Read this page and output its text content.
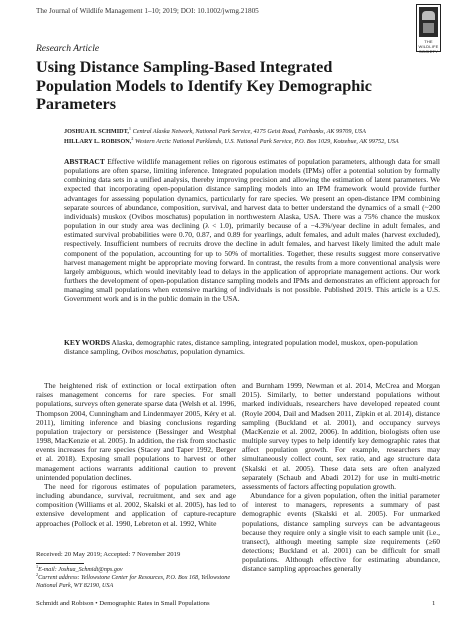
The Journal of Wildlife Management 1–10; 2019; DOI: 10.1002/jwmg.21805
THE WILDLIFE SOCIETY
Research Article
Using Distance Sampling-Based Integrated Population Models to Identify Key Demographic Parameters
JOSHUA H. SCHMIDT,$^1$ Central Alaska Network, National Park Service, 4175 Geist Road, Fairbanks, AK 99709, USA
HILLARY L. ROBISON,$^2$ Western Arctic National Parklands, U.S. National Park Service, P.O. Box 1029, Kotzebue, AK 99752, USA
ABSTRACT Effective wildlife management relies on rigorous estimates of population parameters, although data for small populations are often sparse, limiting inference. Integrated population models (IPMs) offer a potential solution by formally combining data sets in a unified analysis, thereby improving precision and allowing the estimation of latent parameters. We expected that incorporating open-population distance sampling models into an IPM framework would provide further advantages for assessing population dynamics, particularly for rare species. We present an open-distance IPM combining separate sources of abundance, composition, survival, and harvest data to better understand the dynamics of a small (~200 individuals) muskox (Ovibos moschatus) population in northwestern Alaska, USA. There was a 75% chance the muskox population in our study area was declining (λ < 1.0), primarily because of a −4.3%/year decline in adult females, and estimated survival probabilities were 0.70, 0.87, and 0.89 for yearlings, adult females, and adult males (harvest excluded), respectively. Insufficient numbers of recruits drove the decline in adult females, and harvest likely limited the adult male component of the population, accounting for up to 50% of mortalities. Together, these results suggest more conservative harvest management might be appropriate moving forward. In contrast, the results from a more conventional analysis were largely ambiguous, which would inevitably lead to delays in the application of appropriate management actions. Our work furthers the development of open-population distance sampling models and IPMs and demonstrates an efficient approach for managing small populations when extensive marking of individuals is not possible. Published 2019. This article is a U.S. Government work and is in the public domain in the USA.
KEY WORDS Alaska, demographic rates, distance sampling, integrated population model, muskox, open-population distance sampling, Ovibos moschatus, population dynamics.

The heightened risk of extinction or local extirpation often raises management concerns for rare species. For small populations, surveys often generate sparse data (Welsh et al. 1996, Thompson 2004, Cunningham and Lindenmayer 2005, Kéry et al. 2011), limiting inference and biasing conclusions regarding population trajectory or persistence (Bessinger and Westphal 1998, MacKenzie et al. 2005). In addition, the risk from stochastic events increases for rare species (Stacey and Taper 1992, Berger et al. 2018). Exposing small populations to harvest or other management actions warrants additional caution to prevent unintended population declines.

The need for rigorous estimates of population parameters, including abundance, survival, recruitment, and sex and age composition (Williams et al. 2002, Skalski et al. 2005), has led to extensive development and application of capture-recapture approaches (Pollock et al. 1990, Lebreton et al. 1992, White

and Burnham 1999, Newman et al. 2014, McCrea and Morgan 2015). Similarly, to better understand populations without marked individuals, researchers have developed repeated count (Royle 2004, Dail and Madsen 2011, Zipkin et al. 2014), distance sampling (Buckland et al. 2001), and occupancy surveys (MacKenzie et al. 2002, 2006). In addition, biologists often use multiple survey types to help identify key demographic rates that affect population growth. For example, researchers may simultaneously collect count, sex ratio, and age structure data (Skalski et al. 2005). These data sets are often analyzed separately (Schaub and Abadi 2012) for use in multi-metric assessments of factors affecting population growth.

Abundance for a given population, often the initial parameter of interest to managers, represents a summary of past demographic events (Skalski et al. 2005). For unmarked populations, distance sampling surveys can be advantageous because they require only a single visit to each sample unit (i.e., transect), although meeting sample size requirements (≥60 detections; Buckland et al. 2001) can be difficult for small populations. Although effective for estimating abundance, distance sampling approaches generally

Received: 20 May 2019; Accepted: 7 November 2019
$^1$E-mail: Joshua_Schmidt@nps.gov
$^2$Current address: Yellowstone Center for Resources, P.O. Box 168, Yellowstone National Park, WY 82190, USA
Schmidt and Robison • Demographic Rates in Small Populations	1
